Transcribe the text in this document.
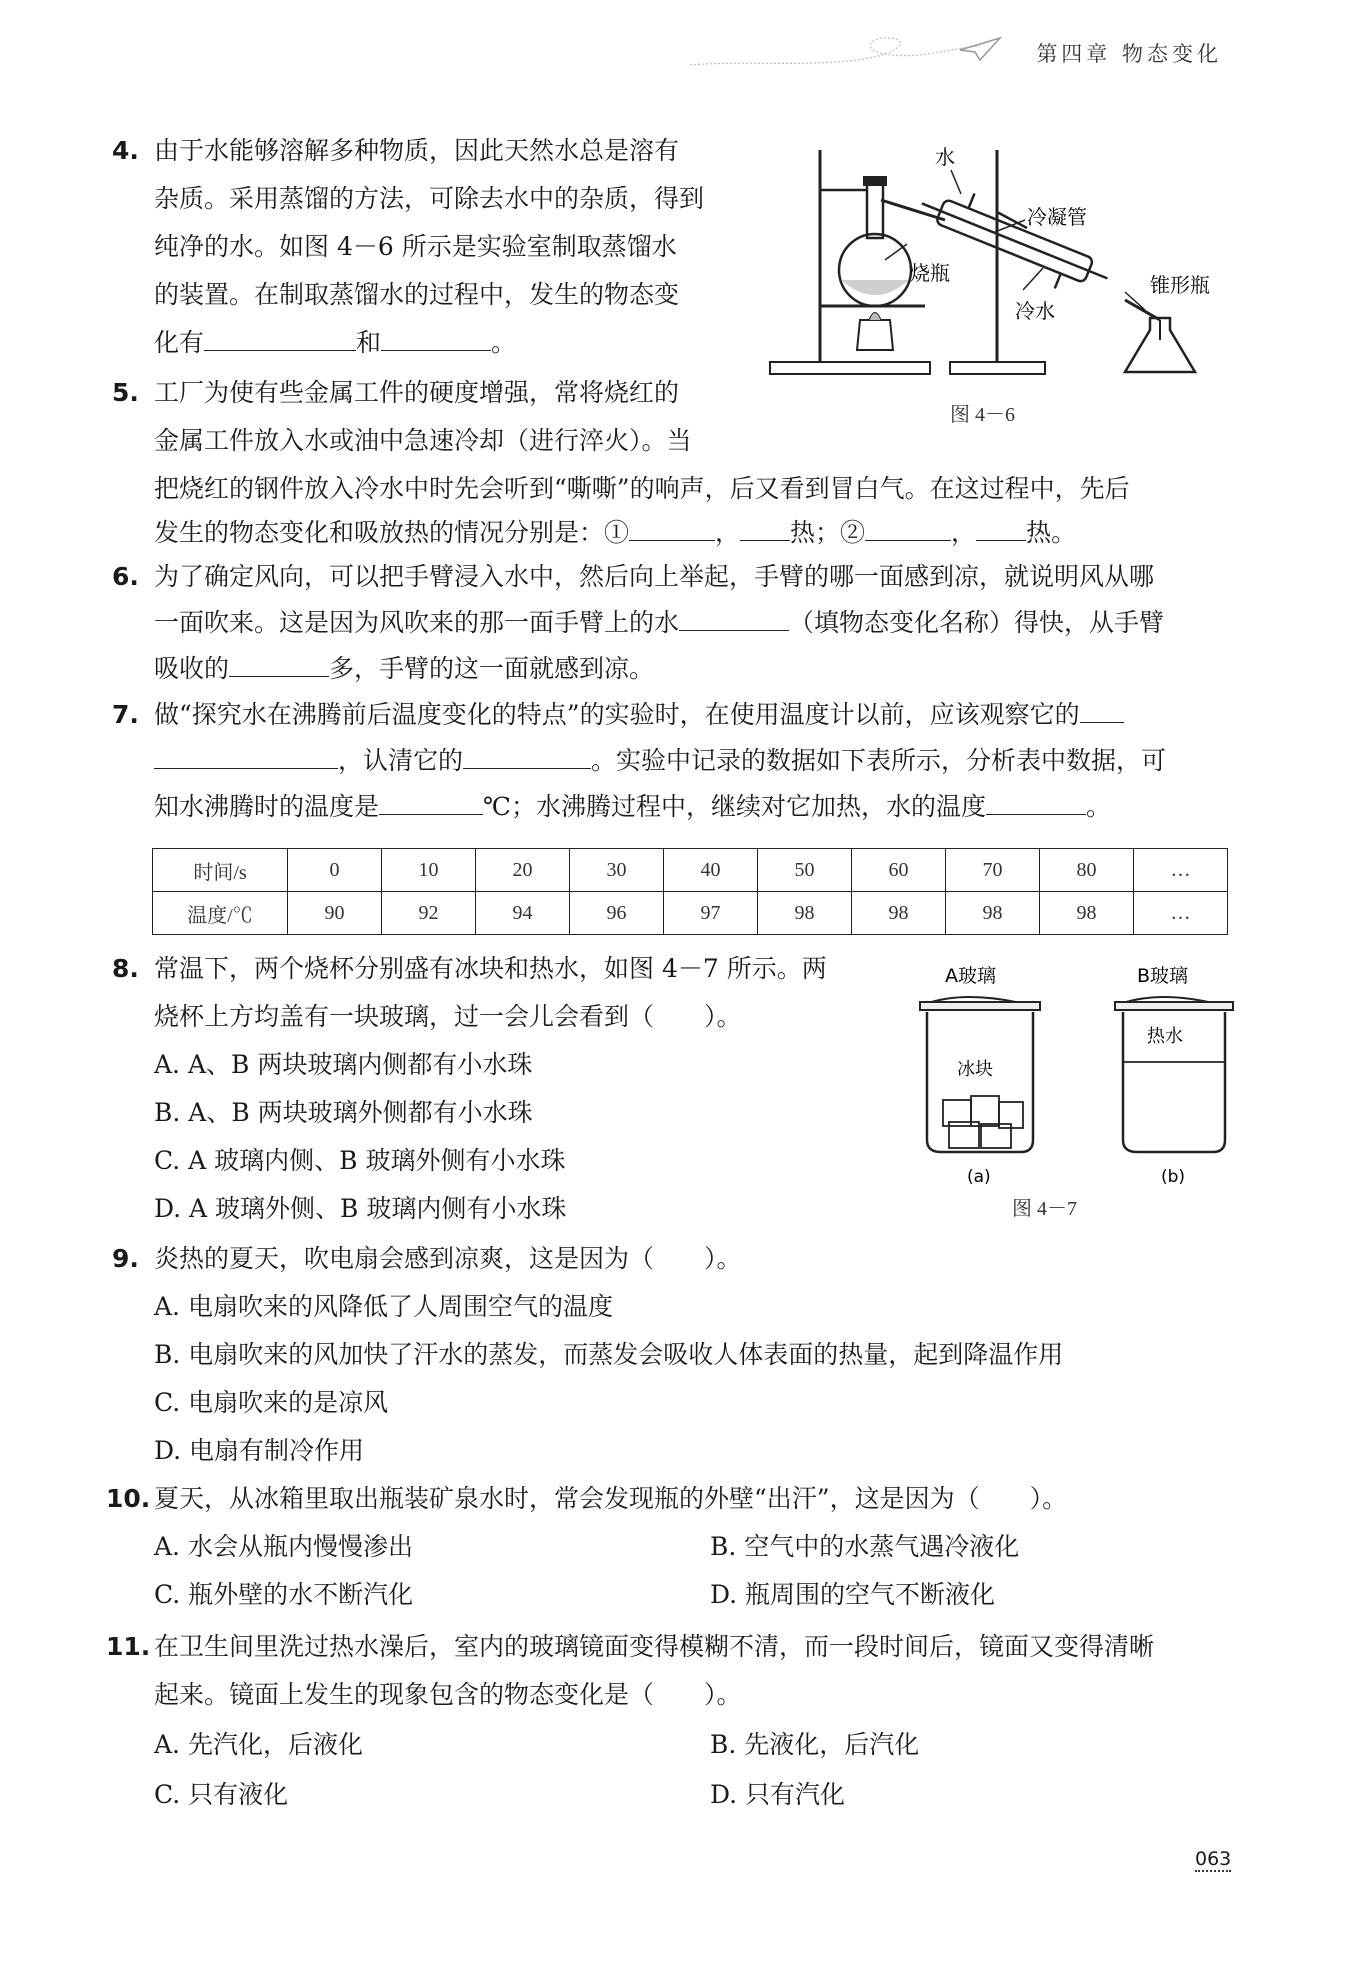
第四章 物态变化
4. 由于水能够溶解多种物质，因此天然水总是溶有
杂质。采用蒸馏的方法，可除去水中的杂质，得到
纯净的水。如图 4－6 所示是实验室制取蒸馏水
的装置。在制取蒸馏水的过程中，发生的物态变
化有	和	。
水
冷凝管
烧瓶
冷水
锥形瓶
图 4－6
5. 工厂为使有些金属工件的硬度增强，常将烧红的
金属工件放入水或油中急速冷却（进行淬火）。当
把烧红的钢件放入冷水中时先会听到“嘶嘶”的响声，后又看到冒白气。在这过程中，先后
发生的物态变化和吸放热的情况分别是：①	， 热；②	， 热。
6. 为了确定风向，可以把手臂浸入水中，然后向上举起，手臂的哪一面感到凉，就说明风从哪
一面吹来。这是因为风吹来的那一面手臂上的水	（填物态变化名称）得快，从手臂
吸收的	多，手臂的这一面就感到凉。
7. 做“探究水在沸腾前后温度变化的特点”的实验时，在使用温度计以前，应该观察它的
，认清它的	。实验中记录的数据如下表所示，分析表中数据，可
知水沸腾时的温度是	℃；水沸腾过程中，继续对它加热，水的温度	。
时间/s	0	10	20	30	40	50	60	70	80	…
温度/℃	90	92	94	96	97	98	98	98	98	…
8. 常温下，两个烧杯分别盛有冰块和热水，如图 4－7 所示。两
烧杯上方均盖有一块玻璃，过一会儿会看到（　　）。
A. A、B 两块玻璃内侧都有小水珠
B. A、B 两块玻璃外侧都有小水珠
C. A 玻璃内侧、B 玻璃外侧有小水珠
D. A 玻璃外侧、B 玻璃内侧有小水珠
A玻璃	B玻璃
冰块
热水
(a)	(b)
图 4－7
9. 炎热的夏天，吹电扇会感到凉爽，这是因为（　　）。
A. 电扇吹来的风降低了人周围空气的温度
B. 电扇吹来的风加快了汗水的蒸发，而蒸发会吸收人体表面的热量，起到降温作用
C. 电扇吹来的是凉风
D. 电扇有制冷作用
10. 夏天，从冰箱里取出瓶装矿泉水时，常会发现瓶的外壁“出汗”，这是因为（　　）。
A. 水会从瓶内慢慢渗出	B. 空气中的水蒸气遇冷液化
C. 瓶外壁的水不断汽化	D. 瓶周围的空气不断液化
11. 在卫生间里洗过热水澡后，室内的玻璃镜面变得模糊不清，而一段时间后，镜面又变得清晰
起来。镜面上发生的现象包含的物态变化是（　　）。
A. 先汽化，后液化	B. 先液化，后汽化
C. 只有液化	D. 只有汽化
063
